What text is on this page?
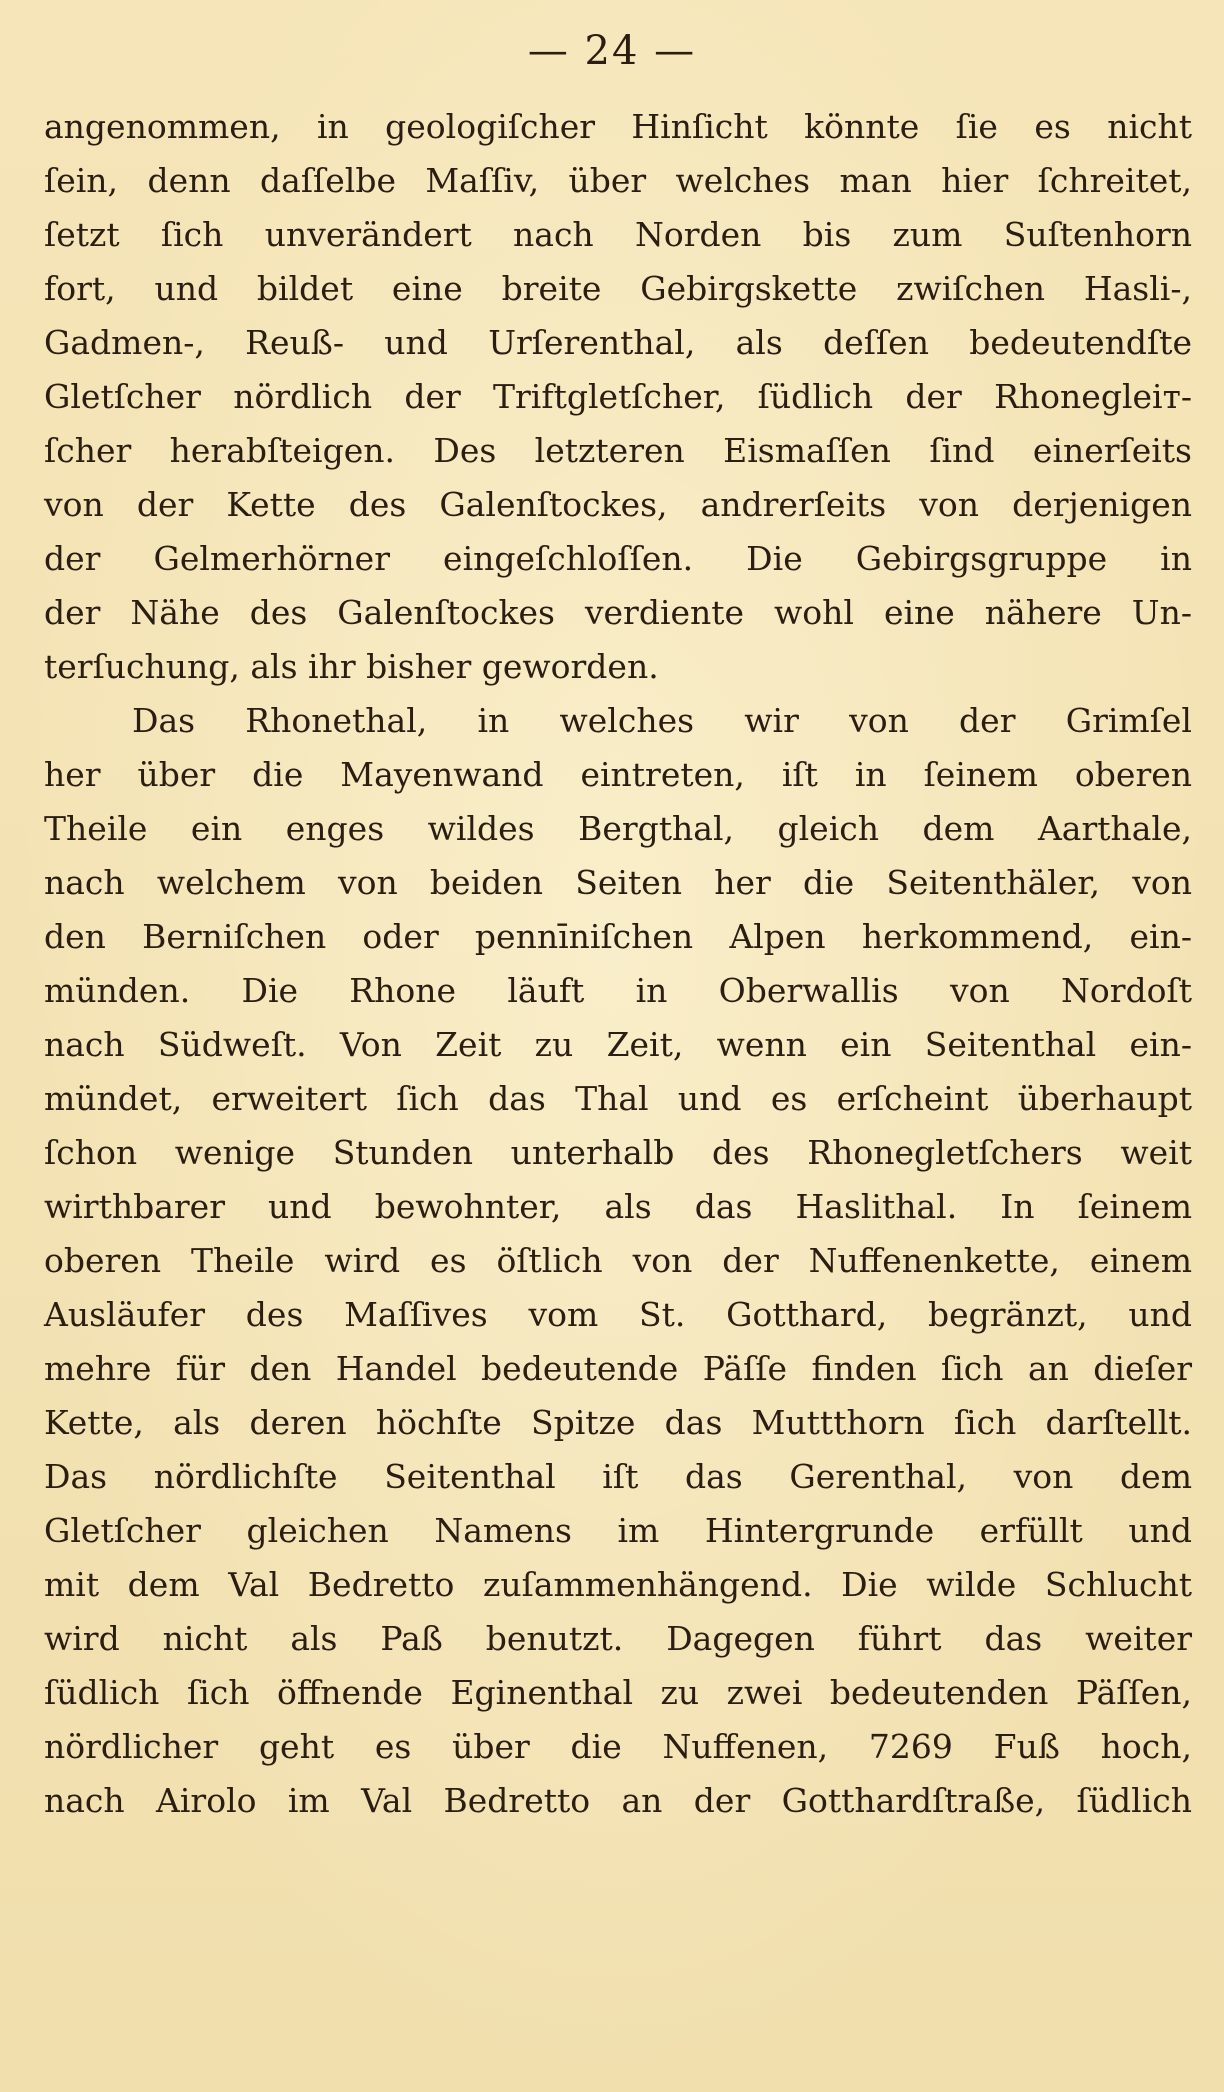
— 24 —
angenommen, in geologiſcher Hinſicht könnte ſie es nicht
ſein, denn daſſelbe Maſſiv, über welches man hier ſchreitet,
ſetzt ſich unverändert nach Norden bis zum Suſtenhorn
fort, und bildet eine breite Gebirgskette zwiſchen Hasli-,
Gadmen-, Reuß- und Urſerenthal, als deſſen bedeutendſte
Gletſcher nördlich der Triftgletſcher, ſüdlich der Rhonegleiт-
ſcher herabſteigen. Des letzteren Eismaſſen ſind einerſeits
von der Kette des Galenſtockes, andrerſeits von derjenigen
der Gelmerhörner eingeſchloſſen. Die Gebirgsgruppe in
der Nähe des Galenſtockes verdiente wohl eine nähere Un-
terſuchung, als ihr bisher geworden.
Das Rhonethal, in welches wir von der Grimſel
her über die Mayenwand eintreten, iſt in ſeinem oberen
Theile ein enges wildes Bergthal, gleich dem Aarthale,
nach welchem von beiden Seiten her die Seitenthäler, von
den Berniſchen oder pennīniſchen Alpen herkommend, ein-
münden. Die Rhone läuft in Oberwallis von Nordoſt
nach Südweſt. Von Zeit zu Zeit, wenn ein Seitenthal ein-
mündet, erweitert ſich das Thal und es erſcheint überhaupt
ſchon wenige Stunden unterhalb des Rhonegletſchers weit
wirthbarer und bewohnter, als das Haslithal. In ſeinem
oberen Theile wird es öſtlich von der Nuffenenkette, einem
Ausläufer des Maſſives vom St. Gotthard, begränzt, und
mehre für den Handel bedeutende Päſſe finden ſich an dieſer
Kette, als deren höchſte Spitze das Muttthorn ſich darſtellt.
Das nördlichſte Seitenthal iſt das Gerenthal, von dem
Gletſcher gleichen Namens im Hintergrunde erfüllt und
mit dem Val Bedretto zuſammenhängend. Die wilde Schlucht
wird nicht als Paß benutzt. Dagegen führt das weiter
ſüdlich ſich öffnende Eginenthal zu zwei bedeutenden Päſſen,
nördlicher geht es über die Nuffenen, 7269 Fuß hoch,
nach Airolo im Val Bedretto an der Gotthardſtraße, ſüdlich
